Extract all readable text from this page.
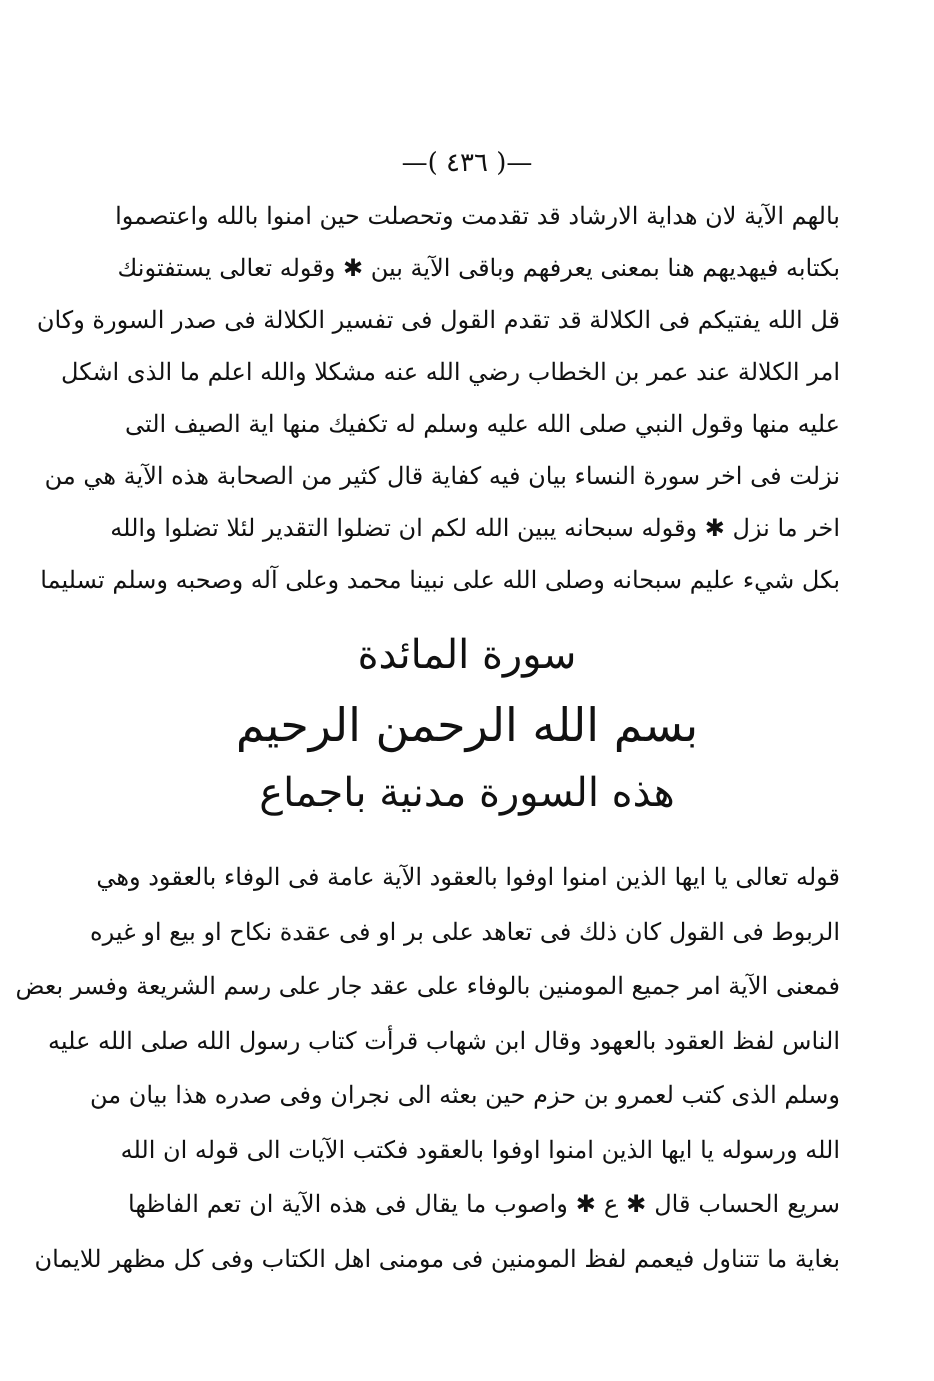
—( ٤٣٦ )—
بالهم الآية لان هداية الارشاد قد تقدمت وتحصلت حين امنوا بالله واعتصموا
بكتابه فيهديهم هنا بمعنى يعرفهم وباقى الآية بين ✱ وقوله تعالى يستفتونك
قل الله يفتيكم فى الكلالة قد تقدم القول فى تفسير الكلالة فى صدر السورة وكان
امر الكلالة عند عمر بن الخطاب رضي الله عنه مشكلا والله اعلم ما الذى اشكل
عليه منها وقول النبي صلى الله عليه وسلم له تكفيك منها اية الصيف التى
نزلت فى اخر سورة النساء بيان فيه كفاية قال كثير من الصحابة هذه الآية هي من
اخر ما نزل ✱ وقوله سبحانه يبين الله لكم ان تضلوا التقدير لئلا تضلوا والله
بكل شيء عليم سبحانه وصلى الله على نبينا محمد وعلى آله وصحبه وسلم تسليما
سورة المائدة
بسم الله الرحمن الرحيم
هذه السورة مدنية باجماع
قوله تعالى يا ايها الذين امنوا اوفوا بالعقود الآية عامة فى الوفاء بالعقود وهي
الربوط فى القول كان ذلك فى تعاهد على بر او فى عقدة نكاح او بيع او غيره
فمعنى الآية امر جميع المومنين بالوفاء على عقد جار على رسم الشريعة وفسر بعض
الناس لفظ العقود بالعهود وقال ابن شهاب قرأت كتاب رسول الله صلى الله عليه
وسلم الذى كتب لعمرو بن حزم حين بعثه الى نجران وفى صدره هذا بيان من
الله ورسوله يا ايها الذين امنوا اوفوا بالعقود فكتب الآيات الى قوله ان الله
سريع الحساب قال ✱ ع ✱ واصوب ما يقال فى هذه الآية ان تعم الفاظها
بغاية ما تتناول فيعمم لفظ المومنين فى مومنى اهل الكتاب وفى كل مظهر للايمان
